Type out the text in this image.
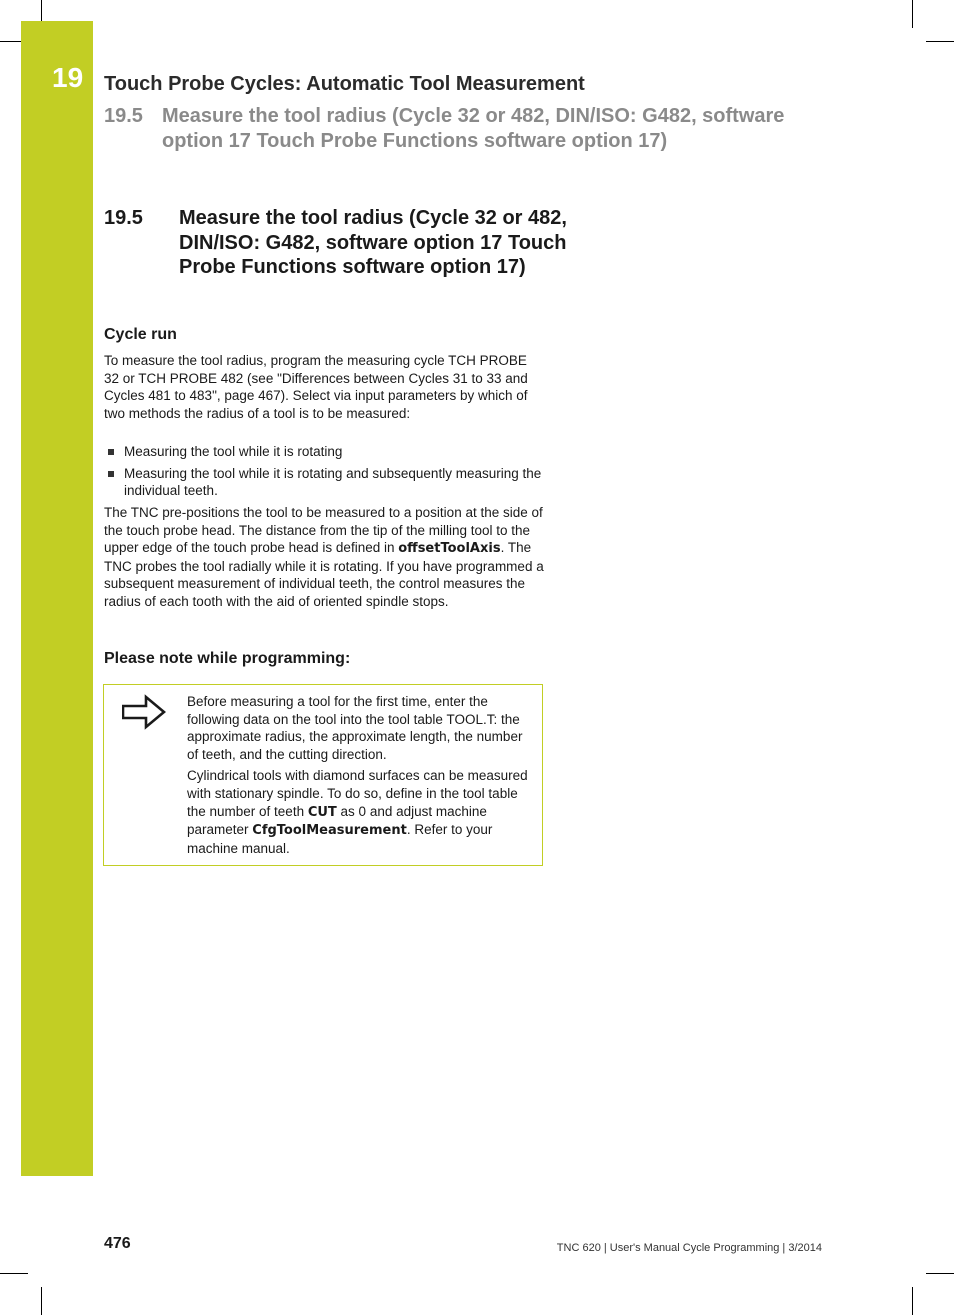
19 Touch Probe Cycles: Automatic Tool Measurement
19.5 Measure the tool radius (Cycle 32 or 482, DIN/ISO: G482, software option 17 Touch Probe Functions software option 17)
19.5 Measure the tool radius (Cycle 32 or 482, DIN/ISO: G482, software option 17 Touch Probe Functions software option 17)
Cycle run

To measure the tool radius, program the measuring cycle TCH PROBE 32 or TCH PROBE 482 (see "Differences between Cycles 31 to 33 and Cycles 481 to 483", page 467). Select via input parameters by which of two methods the radius of a tool is to be measured:

Measuring the tool while it is rotating
Measuring the tool while it is rotating and subsequently measuring the individual teeth.

The TNC pre-positions the tool to be measured to a position at the side of the touch probe head. The distance from the tip of the milling tool to the upper edge of the touch probe head is defined in offsetToolAxis. The TNC probes the tool radially while it is rotating. If you have programmed a subsequent measurement of individual teeth, the control measures the radius of each tooth with the aid of oriented spindle stops.

Please note while programming:

Before measuring a tool for the first time, enter the following data on the tool into the tool table TOOL.T: the approximate radius, the approximate length, the number of teeth, and the cutting direction.

Cylindrical tools with diamond surfaces can be measured with stationary spindle. To do so, define in the tool table the number of teeth CUT as 0 and adjust machine parameter CfgToolMeasurement. Refer to your machine manual.

476	TNC 620 | User's Manual Cycle Programming | 3/2014
